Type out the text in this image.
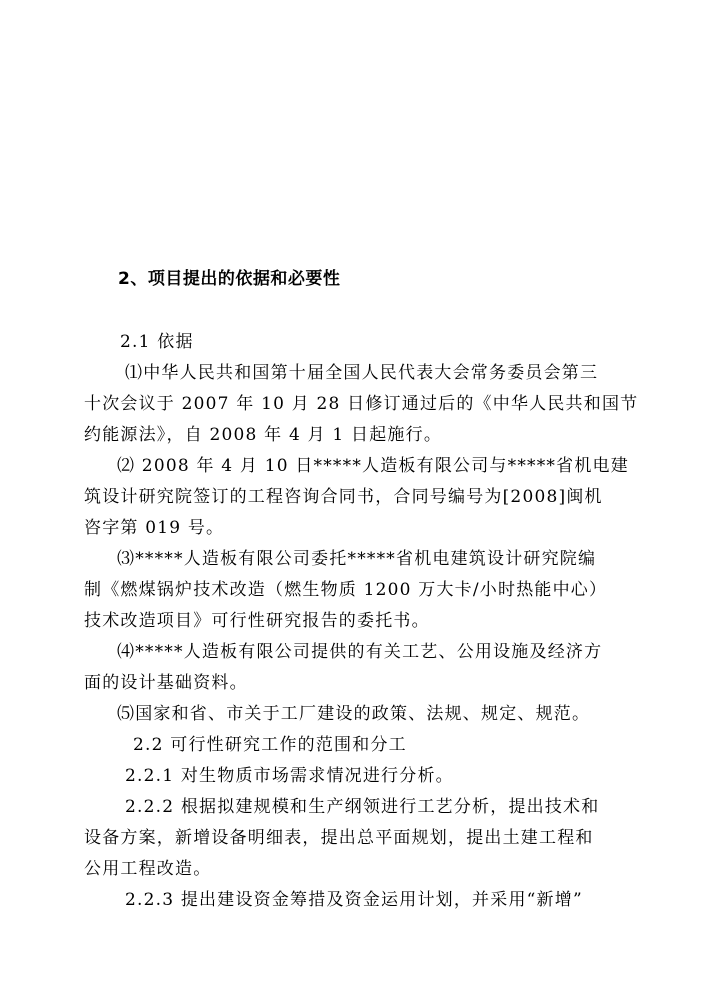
2、项目提出的依据和必要性
2.1 依据
⑴中华人民共和国第十届全国人民代表大会常务委员会第三
十次会议于 2007 年 10 月 28 日修订通过后的《中华人民共和国节
约能源法》，自 2008 年 4 月 1 日起施行。
⑵ 2008 年 4 月 10 日*****人造板有限公司与*****省机电建
筑设计研究院签订的工程咨询合同书，合同号编号为[2008]闽机
咨字第 019 号。
⑶*****人造板有限公司委托*****省机电建筑设计研究院编
制《燃煤锅炉技术改造（燃生物质 1200 万大卡/小时热能中心）
技术改造项目》可行性研究报告的委托书。
⑷*****人造板有限公司提供的有关工艺、公用设施及经济方
面的设计基础资料。
⑸国家和省、市关于工厂建设的政策、法规、规定、规范。
2.2 可行性研究工作的范围和分工
2.2.1 对生物质市场需求情况进行分析。
2.2.2 根据拟建规模和生产纲领进行工艺分析，提出技术和
设备方案，新增设备明细表，提出总平面规划，提出土建工程和
公用工程改造。
2.2.3 提出建设资金筹措及资金运用计划，并采用“新增”
